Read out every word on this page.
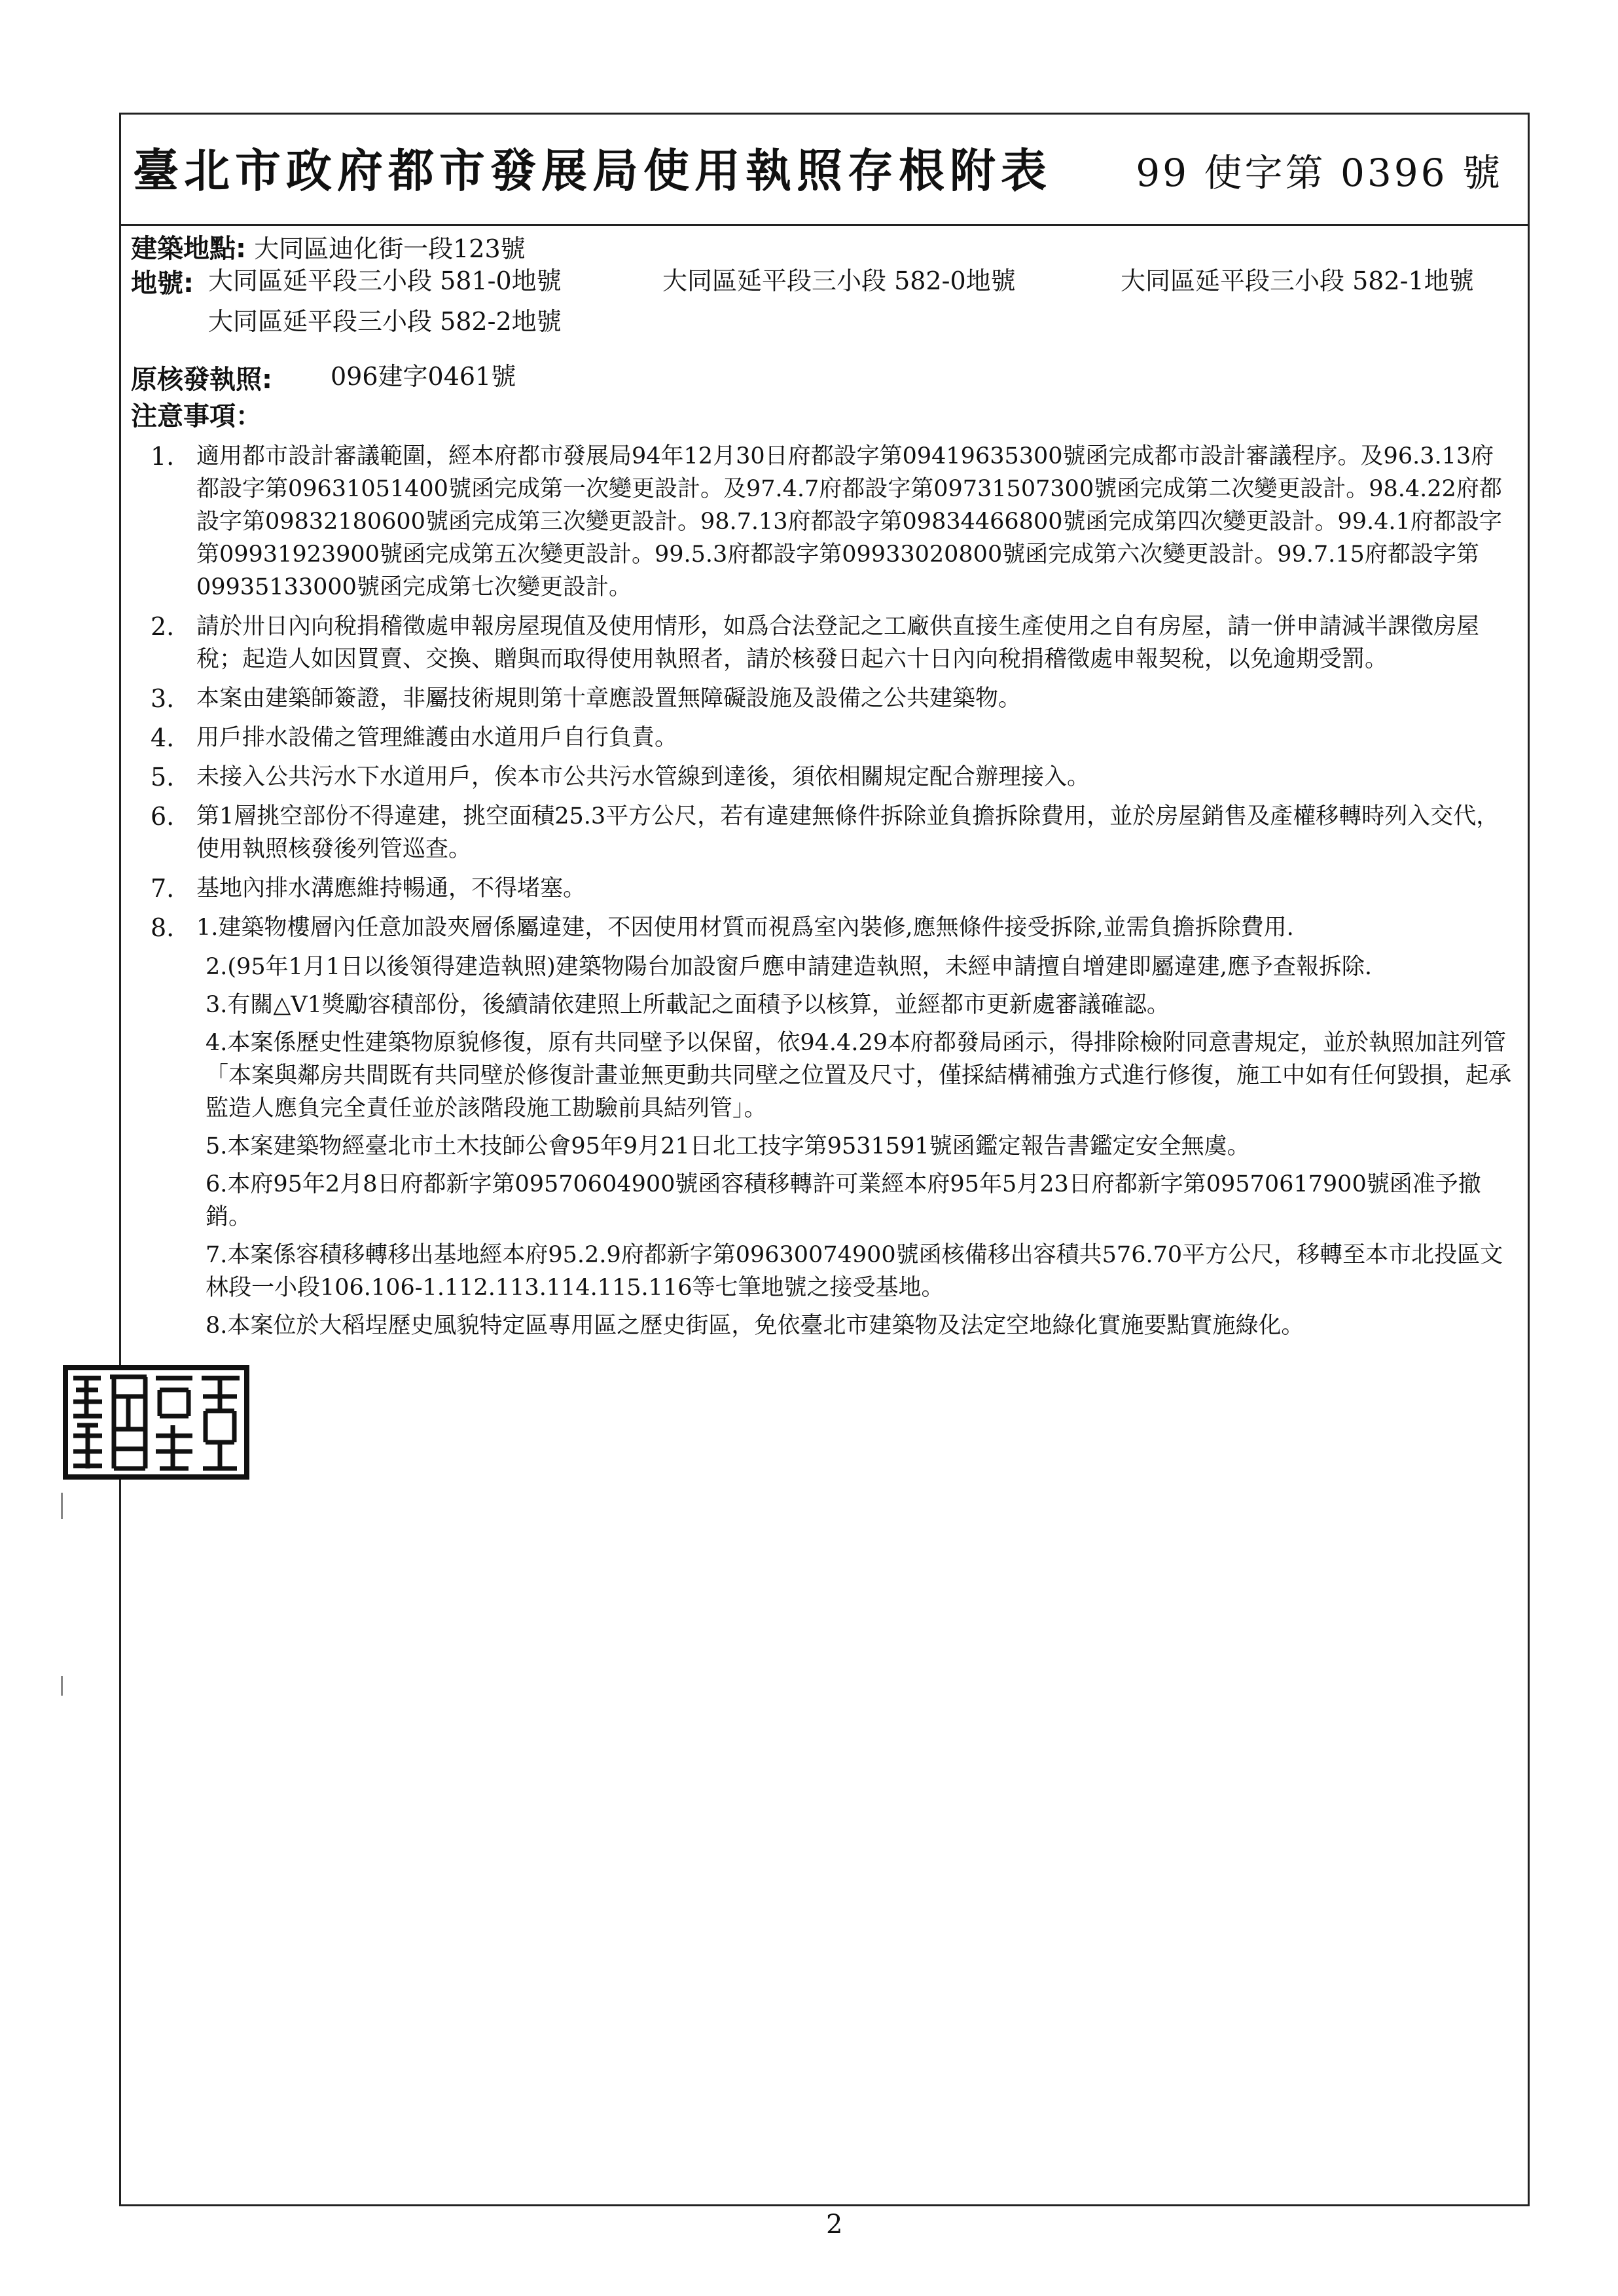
臺北市政府都市發展局使用執照存根附表 99 使字第 0396 號
建築地點: 大同區迪化街一段123號
地號: 大同區延平段三小段 581-0地號	大同區延平段三小段 582-0地號	大同區延平段三小段 582-1地號
大同區延平段三小段 582-2地號
原核發執照: 096建字0461號
注意事項：
1. 適用都市設計審議範圍，經本府都市發展局94年12月30日府都設字第09419635300號函完成都市設計審議程序。及96.3.13府都設字第09631051400號函完成第一次變更設計。及97.4.7府都設字第09731507300號函完成第二次變更設計。98.4.22府都設字第09832180600號函完成第三次變更設計。98.7.13府都設字第09834466800號函完成第四次變更設計。99.4.1府都設字第09931923900號函完成第五次變更設計。99.5.3府都設字第09933020800號函完成第六次變更設計。99.7.15府都設字第09935133000號函完成第七次變更設計。
2. 請於卅日內向稅捐稽徵處申報房屋現值及使用情形，如爲合法登記之工廠供直接生產使用之自有房屋，請一併申請減半課徵房屋稅；起造人如因買賣、交換、贈與而取得使用執照者，請於核發日起六十日內向稅捐稽徵處申報契稅，以免逾期受罰。
3. 本案由建築師簽證，非屬技術規則第十章應設置無障礙設施及設備之公共建築物。
4. 用戶排水設備之管理維護由水道用戶自行負責。
5. 未接入公共污水下水道用戶，俟本市公共污水管線到達後，須依相關規定配合辦理接入。
6. 第1層挑空部份不得違建，挑空面積25.3平方公尺，若有違建無條件拆除並負擔拆除費用，並於房屋銷售及產權移轉時列入交代，使用執照核發後列管巡查。
7. 基地內排水溝應維持暢通，不得堵塞。
8. 1.建築物樓層內任意加設夾層係屬違建，不因使用材質而視爲室內裝修,應無條件接受拆除,並需負擔拆除費用.
2.(95年1月1日以後領得建造執照)建築物陽台加設窗戶應申請建造執照，未經申請擅自增建即屬違建,應予查報拆除.
3.有關△V1獎勵容積部份，後續請依建照上所載記之面積予以核算，並經都市更新處審議確認。
4.本案係歷史性建築物原貌修復，原有共同壁予以保留，依94.4.29本府都發局函示，得排除檢附同意書規定，並於執照加註列管「本案與鄰房共間既有共同壁於修復計畫並無更動共同壁之位置及尺寸，僅採結構補強方式進行修復，施工中如有任何毀損，起承監造人應負完全責任並於該階段施工勘驗前具結列管」。
5.本案建築物經臺北市土木技師公會95年9月21日北工技字第9531591號函鑑定報告書鑑定安全無虞。
6.本府95年2月8日府都新字第09570604900號函容積移轉許可業經本府95年5月23日府都新字第09570617900號函准予撤銷。
7.本案係容積移轉移出基地經本府95.2.9府都新字第09630074900號函核備移出容積共576.70平方公尺，移轉至本市北投區文林段一小段106.106-1.112.113.114.115.116等七筆地號之接受基地。
8.本案位於大稻埕歷史風貌特定區專用區之歷史街區，免依臺北市建築物及法定空地綠化實施要點實施綠化。
2
